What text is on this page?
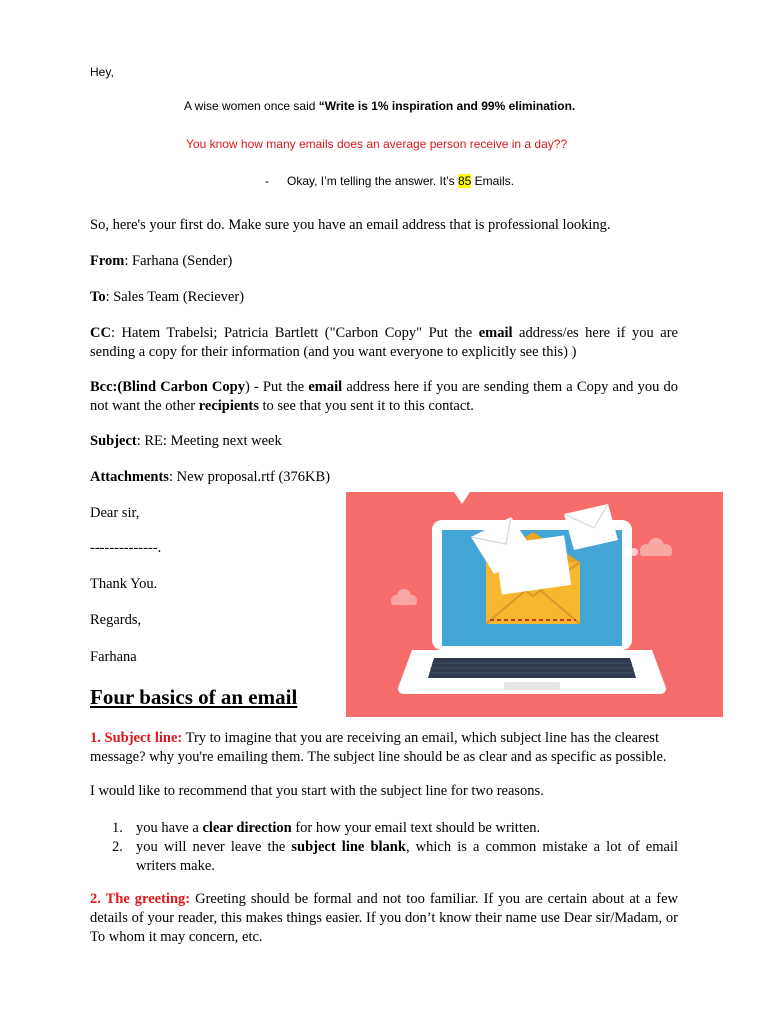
Hey,
A wise women once said “Write is 1% inspiration and 99% elimination.
You know how many emails does an average person receive in a day??
- Okay, I’m telling the answer. It’s 85 Emails.
So, here's your first do. Make sure you have an email address that is professional looking.
From: Farhana (Sender)
To: Sales Team (Reciever)
CC: Hatem Trabelsi; Patricia Bartlett ("Carbon Copy" Put the email address/es here if you are sending a copy for their information (and you want everyone to explicitly see this) )
Bcc:(Blind Carbon Copy) - Put the email address here if you are sending them a Copy and you do not want the other recipients to see that you sent it to this contact.
Subject: RE: Meeting next week
Attachments: New proposal.rtf (376KB)
Dear sir,
--------------.
Thank You.
Regards,
Farhana
Four basics of an email
1. Subject line: Try to imagine that you are receiving an email, which subject line has the clearest message? why you're emailing them. The subject line should be as clear and as specific as possible.
I would like to recommend that you start with the subject line for two reasons.
1. you have a clear direction for how your email text should be written.
2. you will never leave the subject line blank, which is a common mistake a lot of email writers make.
2. The greeting: Greeting should be formal and not too familiar. If you are certain about at a few details of your reader, this makes things easier. If you don’t know their name use Dear sir/Madam, or To whom it may concern, etc.
